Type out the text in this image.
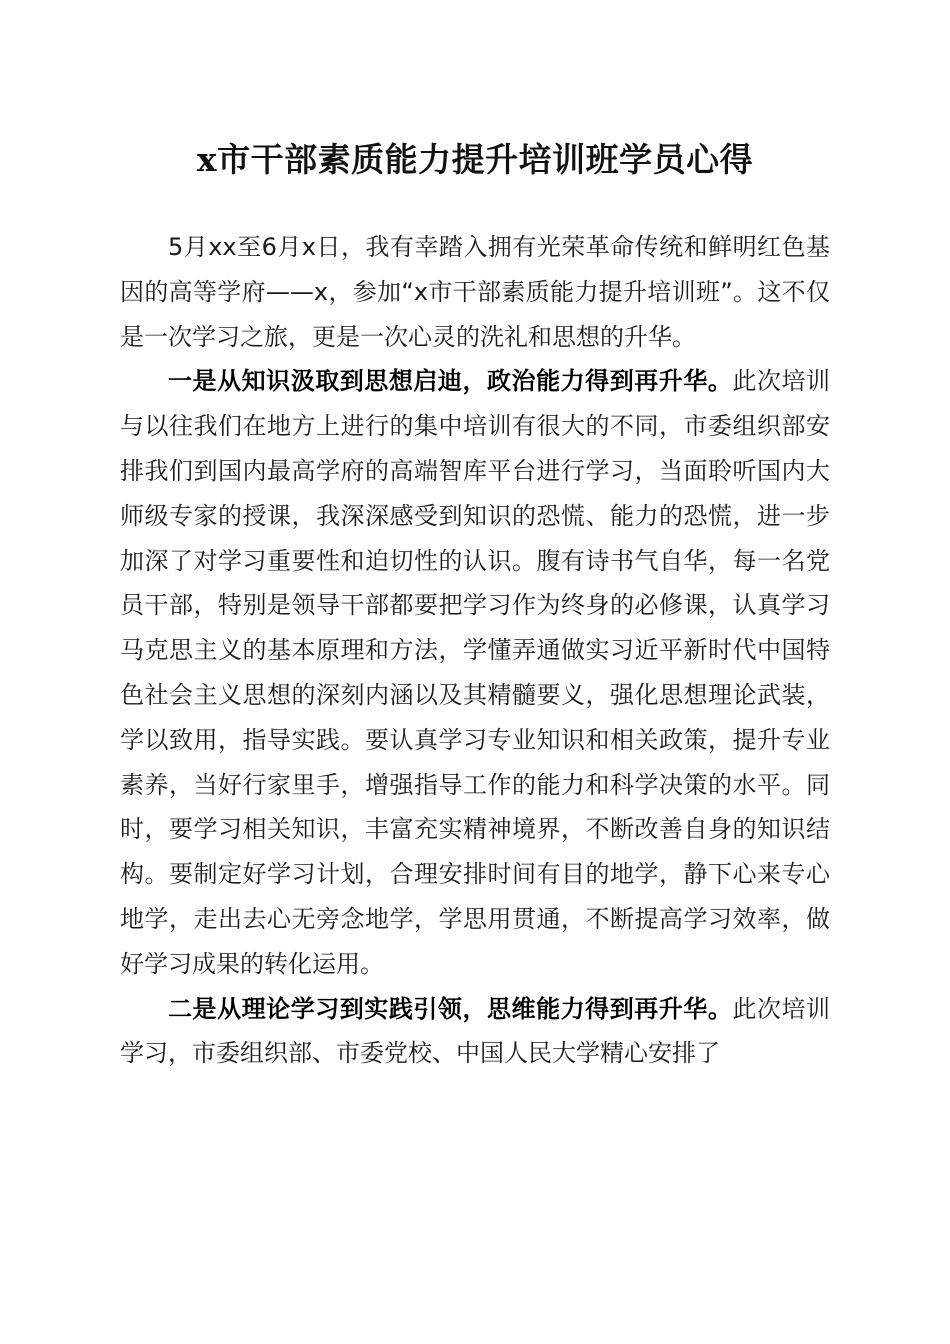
x市干部素质能力提升培训班学员心得

5月xx至6月x日，我有幸踏入拥有光荣革命传统和鲜明红色基因的高等学府——x，参加“x市干部素质能力提升培训班”。这不仅是一次学习之旅，更是一次心灵的洗礼和思想的升华。

一是从知识汲取到思想启迪，政治能力得到再升华。此次培训与以往我们在地方上进行的集中培训有很大的不同，市委组织部安排我们到国内最高学府的高端智库平台进行学习，当面聆听国内大师级专家的授课，我深深感受到知识的恐慌、能力的恐慌，进一步加深了对学习重要性和迫切性的认识。腹有诗书气自华，每一名党员干部，特别是领导干部都要把学习作为终身的必修课，认真学习马克思主义的基本原理和方法，学懂弄通做实习近平新时代中国特色社会主义思想的深刻内涵以及其精髓要义，强化思想理论武装，学以致用，指导实践。要认真学习专业知识和相关政策，提升专业素养，当好行家里手，增强指导工作的能力和科学决策的水平。同时，要学习相关知识，丰富充实精神境界，不断改善自身的知识结构。要制定好学习计划，合理安排时间有目的地学，静下心来专心地学，走出去心无旁念地学，学思用贯通，不断提高学习效率，做好学习成果的转化运用。

二是从理论学习到实践引领，思维能力得到再升华。此次培训学习，市委组织部、市委党校、中国人民大学精心安排了
